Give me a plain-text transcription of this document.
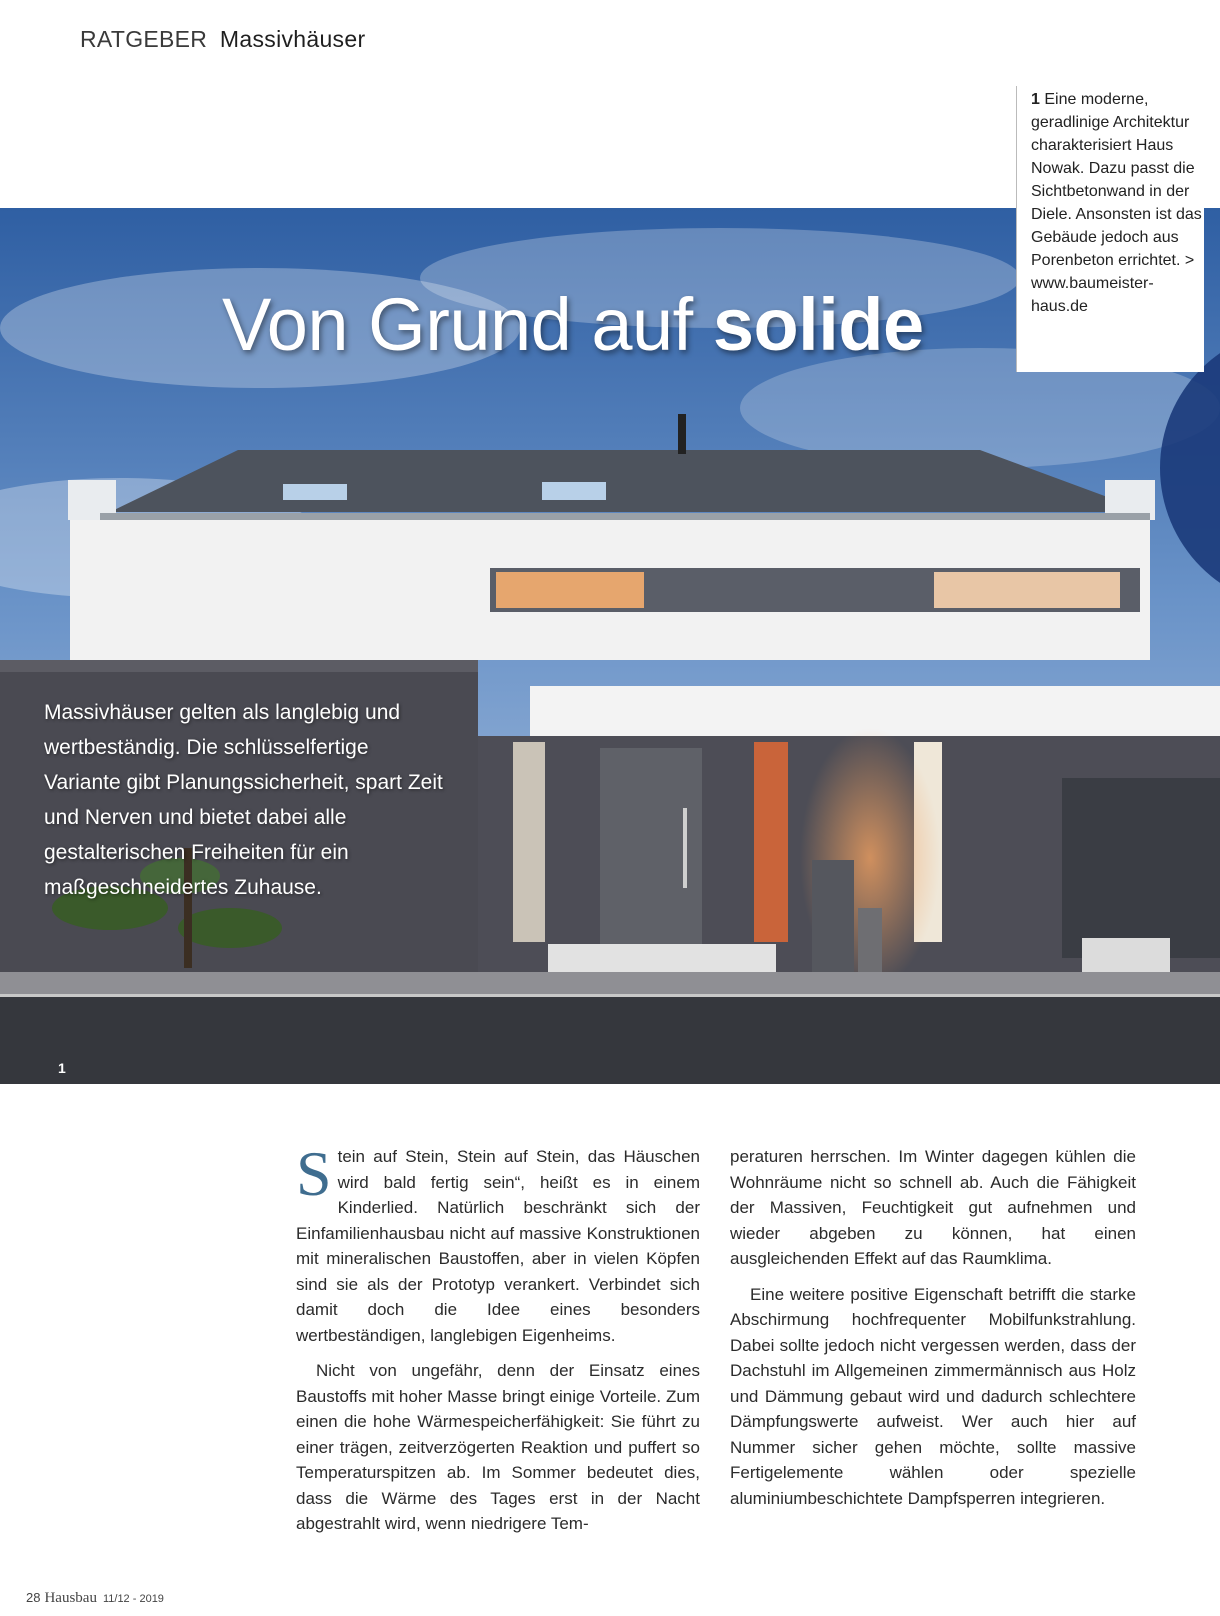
RATGEBER Massivhäuser
Von Grund auf solide
Massivhäuser gelten als langlebig und wertbeständig. Die schlüsselfertige Variante gibt Planungssicherheit, spart Zeit und Nerven und bietet dabei alle gestalterischen Freiheiten für ein maßgeschneidertes Zuhause.
1
1 Eine moderne, geradlinige Architektur charakterisiert Haus Nowak. Dazu passt die Sichtbetonwand in der Diele. Ansonsten ist das Gebäude jedoch aus Porenbeton errichtet. > www.baumeister-haus.de

Stein auf Stein, Stein auf Stein, das Häuschen wird bald fertig sein“, heißt es in einem Kinderlied. Natürlich beschränkt sich der Einfamilienhausbau nicht auf massive Konstruktionen mit mineralischen Baustoffen, aber in vielen Köpfen sind sie als der Prototyp verankert. Verbindet sich damit doch die Idee eines besonders wertbeständigen, langlebigen Eigenheims.

Nicht von ungefähr, denn der Einsatz eines Baustoffs mit hoher Masse bringt einige Vorteile. Zum einen die hohe Wärmespeicherfähigkeit: Sie führt zu einer trägen, zeitverzögerten Reaktion und puffert so Temperaturspitzen ab. Im Sommer bedeutet dies, dass die Wärme des Tages erst in der Nacht abgestrahlt wird, wenn niedrigere Tem-

peraturen herrschen. Im Winter dagegen kühlen die Wohnräume nicht so schnell ab. Auch die Fähigkeit der Massiven, Feuchtigkeit gut aufnehmen und wieder abgeben zu können, hat einen ausgleichenden Effekt auf das Raumklima.

Eine weitere positive Eigenschaft betrifft die starke Abschirmung hochfrequenter Mobilfunkstrahlung. Dabei sollte jedoch nicht vergessen werden, dass der Dachstuhl im Allgemeinen zimmermännisch aus Holz und Dämmung gebaut wird und dadurch schlechtere Dämpfungswerte aufweist. Wer auch hier auf Nummer sicher gehen möchte, sollte massive Fertigelemente wählen oder spezielle aluminiumbeschichtete Dampfsperren integrieren.

28 Hausbau 11/12 - 2019
